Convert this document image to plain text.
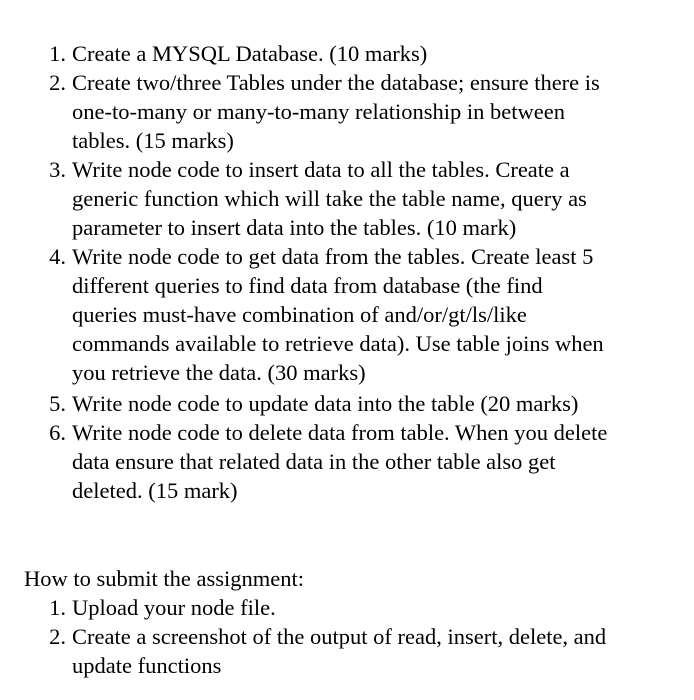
1. Create a MYSQL Database. (10 marks)
2. Create two/three Tables under the database; ensure there is
one-to-many or many-to-many relationship in between
tables. (15 marks)
3. Write node code to insert data to all the tables. Create a
generic function which will take the table name, query as
parameter to insert data into the tables. (10 mark)
4. Write node code to get data from the tables. Create least 5
different queries to find data from database (the find
queries must-have combination of and/or/gt/ls/like
commands available to retrieve data). Use table joins when
you retrieve the data. (30 marks)
5. Write node code to update data into the table (20 marks)
6. Write node code to delete data from table. When you delete
data ensure that related data in the other table also get
deleted. (15 mark)
How to submit the assignment:
1. Upload your node file.
2. Create a screenshot of the output of read, insert, delete, and
update functions
